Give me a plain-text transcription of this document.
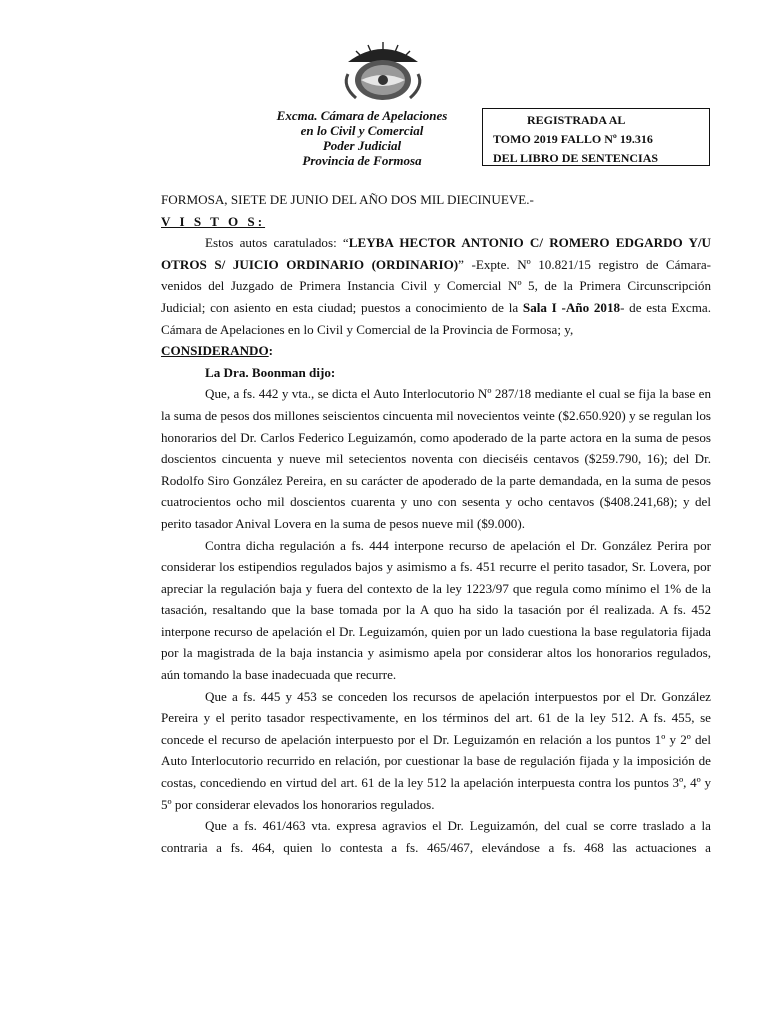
Excma. Cámara de Apelaciones
en lo Civil y Comercial
Poder Judicial
Provincia de Formosa
REGISTRADA AL
TOMO 2019 FALLO Nº 19.316
DEL LIBRO DE SENTENCIAS

FORMOSA, SIETE DE JUNIO DEL AÑO DOS MIL DIECINUEVE.-

V I S T O S:

Estos autos caratulados: “LEYBA HECTOR ANTONIO C/ ROMERO EDGARDO Y/U OTROS S/ JUICIO ORDINARIO (ORDINARIO)” -Expte. Nº 10.821/15 registro de Cámara- venidos del Juzgado de Primera Instancia Civil y Comercial Nº 5, de la Primera Circunscripción Judicial; con asiento en esta ciudad; puestos a conocimiento de la Sala I -Año 2018- de esta Excma. Cámara de Apelaciones en lo Civil y Comercial de la Provincia de Formosa; y,

CONSIDERANDO:

La Dra. Boonman dijo:

Que, a fs. 442 y vta., se dicta el Auto Interlocutorio Nº 287/18 mediante el cual se fija la base en la suma de pesos dos millones seiscientos cincuenta mil novecientos veinte ($2.650.920) y se regulan los honorarios del Dr. Carlos Federico Leguizamón, como apoderado de la parte actora en la suma de pesos doscientos cincuenta y nueve mil setecientos noventa con dieciséis centavos ($259.790, 16); del Dr. Rodolfo Siro González Pereira, en su carácter de apoderado de la parte demandada, en la suma de pesos cuatrocientos ocho mil doscientos cuarenta y uno con sesenta y ocho centavos ($408.241,68); y del perito tasador Anival Lovera en la suma de pesos nueve mil ($9.000).

Contra dicha regulación a fs. 444 interpone recurso de apelación el Dr. González Perira por considerar los estipendios regulados bajos y asimismo a fs. 451 recurre el perito tasador, Sr. Lovera, por apreciar la regulación baja y fuera del contexto de la ley 1223/97 que regula como mínimo el 1% de la tasación, resaltando que la base tomada por la A quo ha sido la tasación por él realizada. A fs. 452 interpone recurso de apelación el Dr. Leguizamón, quien por un lado cuestiona la base regulatoria fijada por la magistrada de la baja instancia y asimismo apela por considerar altos los honorarios regulados, aún tomando la base inadecuada que recurre.

Que a fs. 445 y 453 se conceden los recursos de apelación interpuestos por el Dr. González Pereira y el perito tasador respectivamente, en los términos del art. 61 de la ley 512. A fs. 455, se concede el recurso de apelación interpuesto por el Dr. Leguizamón en relación a los puntos 1º y 2º del Auto Interlocutorio recurrido en relación, por cuestionar la base de regulación fijada y la imposición de costas, concediendo en virtud del art. 61 de la ley 512 la apelación interpuesta contra los puntos 3º, 4º y 5º por considerar elevados los honorarios regulados.

Que a fs. 461/463 vta. expresa agravios el Dr. Leguizamón, del cual se corre traslado a la contraria a fs. 464, quien lo contesta a fs. 465/467, elevándose a fs. 468 las actuaciones a
